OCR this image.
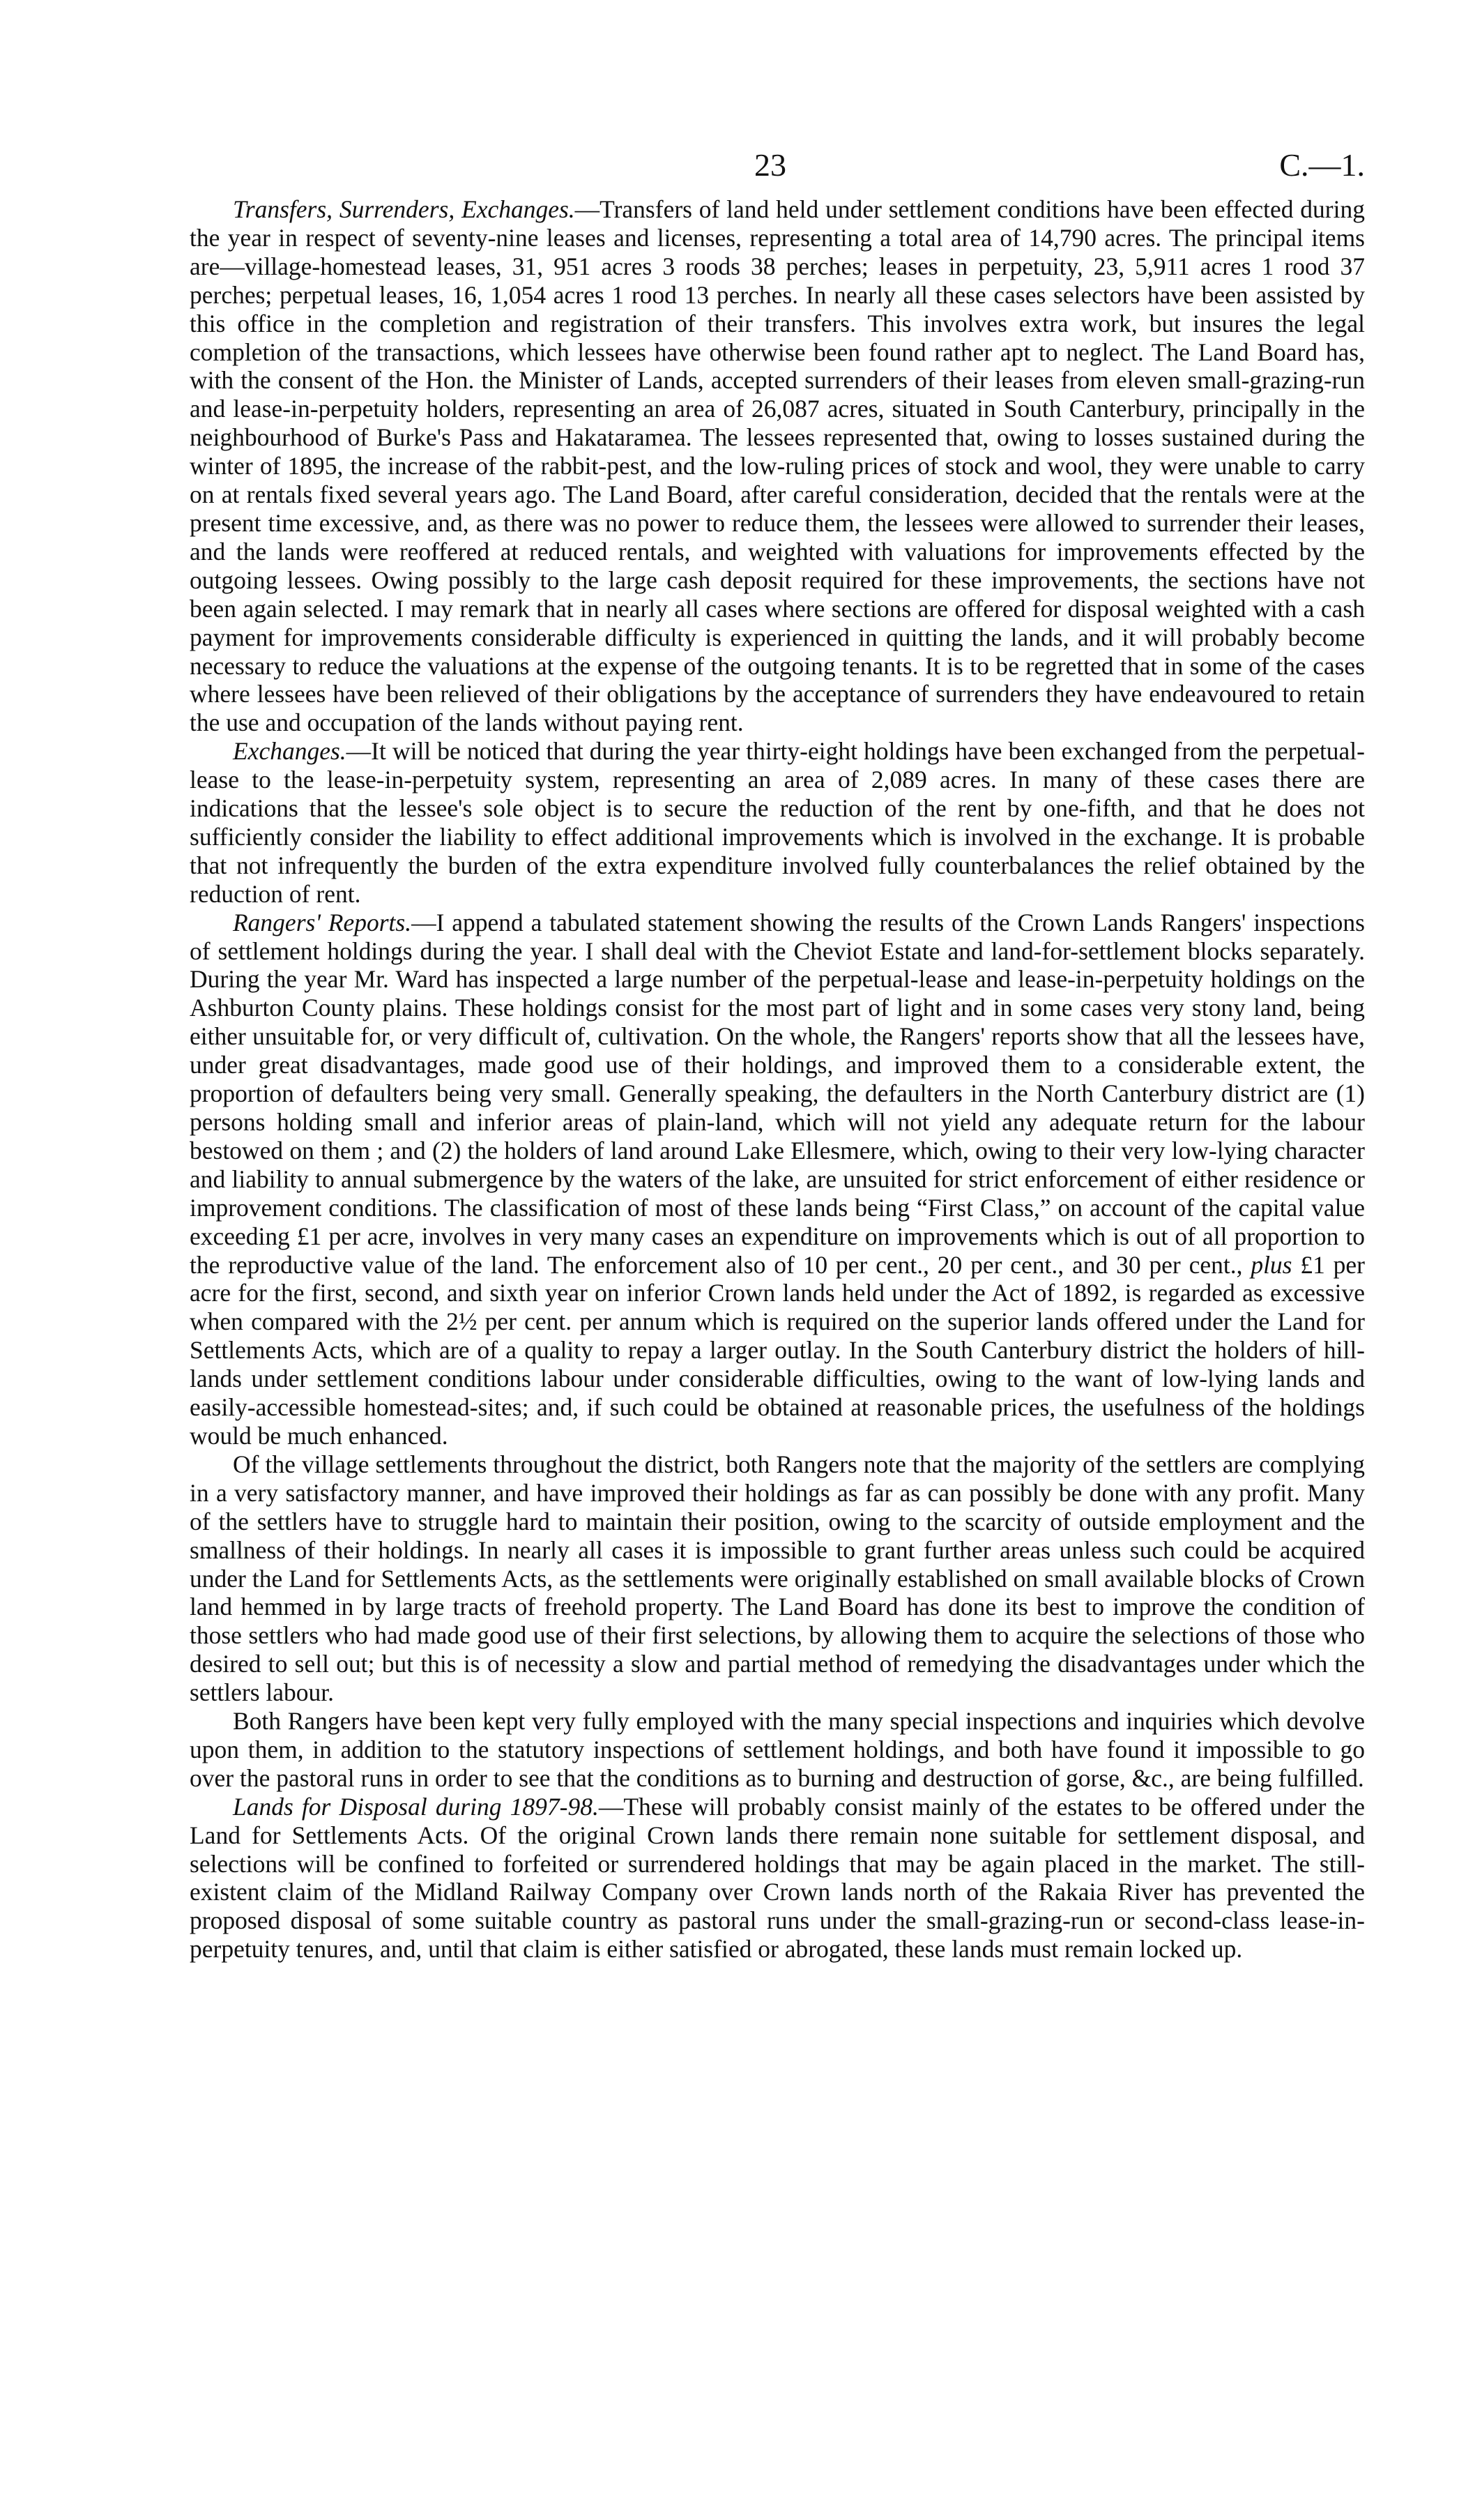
23	C.—1.

Transfers, Surrenders, Exchanges.—Transfers of land held under settlement conditions have been effected during the year in respect of seventy-nine leases and licenses, representing a total area of 14,790 acres. The principal items are—village-homestead leases, 31, 951 acres 3 roods 38 perches; leases in perpetuity, 23, 5,911 acres 1 rood 37 perches; perpetual leases, 16, 1,054 acres 1 rood 13 perches. In nearly all these cases selectors have been assisted by this office in the completion and registration of their transfers. This involves extra work, but insures the legal completion of the transactions, which lessees have otherwise been found rather apt to neglect. The Land Board has, with the consent of the Hon. the Minister of Lands, accepted surrenders of their leases from eleven small-grazing-run and lease-in-perpetuity holders, representing an area of 26,087 acres, situated in South Canterbury, principally in the neighbourhood of Burke's Pass and Hakataramea. The lessees represented that, owing to losses sustained during the winter of 1895, the increase of the rabbit-pest, and the low-ruling prices of stock and wool, they were unable to carry on at rentals fixed several years ago. The Land Board, after careful consideration, decided that the rentals were at the present time excessive, and, as there was no power to reduce them, the lessees were allowed to surrender their leases, and the lands were reoffered at reduced rentals, and weighted with valuations for improvements effected by the outgoing lessees. Owing possibly to the large cash deposit required for these improvements, the sections have not been again selected. I may remark that in nearly all cases where sections are offered for disposal weighted with a cash payment for improvements considerable difficulty is experienced in quitting the lands, and it will probably become necessary to reduce the valuations at the expense of the outgoing tenants. It is to be regretted that in some of the cases where lessees have been relieved of their obligations by the acceptance of surrenders they have endeavoured to retain the use and occupation of the lands without paying rent.

Exchanges.—It will be noticed that during the year thirty-eight holdings have been exchanged from the perpetual-lease to the lease-in-perpetuity system, representing an area of 2,089 acres. In many of these cases there are indications that the lessee's sole object is to secure the reduction of the rent by one-fifth, and that he does not sufficiently consider the liability to effect additional improvements which is involved in the exchange. It is probable that not infrequently the burden of the extra expenditure involved fully counterbalances the relief obtained by the reduction of rent.

Rangers' Reports.—I append a tabulated statement showing the results of the Crown Lands Rangers' inspections of settlement holdings during the year. I shall deal with the Cheviot Estate and land-for-settlement blocks separately. During the year Mr. Ward has inspected a large number of the perpetual-lease and lease-in-perpetuity holdings on the Ashburton County plains. These holdings consist for the most part of light and in some cases very stony land, being either unsuitable for, or very difficult of, cultivation. On the whole, the Rangers' reports show that all the lessees have, under great disadvantages, made good use of their holdings, and improved them to a considerable extent, the proportion of defaulters being very small. Generally speaking, the defaulters in the North Canterbury district are (1) persons holding small and inferior areas of plain-land, which will not yield any adequate return for the labour bestowed on them ; and (2) the holders of land around Lake Ellesmere, which, owing to their very low-lying character and liability to annual submergence by the waters of the lake, are unsuited for strict enforcement of either residence or improvement conditions. The classification of most of these lands being “First Class,” on account of the capital value exceeding £1 per acre, involves in very many cases an expenditure on improvements which is out of all proportion to the reproductive value of the land. The enforcement also of 10 per cent., 20 per cent., and 30 per cent., plus £1 per acre for the first, second, and sixth year on inferior Crown lands held under the Act of 1892, is regarded as excessive when compared with the 2½ per cent. per annum which is required on the superior lands offered under the Land for Settlements Acts, which are of a quality to repay a larger outlay. In the South Canterbury district the holders of hill-lands under settlement conditions labour under considerable difficulties, owing to the want of low-lying lands and easily-accessible homestead-sites; and, if such could be obtained at reasonable prices, the usefulness of the holdings would be much enhanced.

Of the village settlements throughout the district, both Rangers note that the majority of the settlers are complying in a very satisfactory manner, and have improved their holdings as far as can possibly be done with any profit. Many of the settlers have to struggle hard to maintain their position, owing to the scarcity of outside employment and the smallness of their holdings. In nearly all cases it is impossible to grant further areas unless such could be acquired under the Land for Settlements Acts, as the settlements were originally established on small available blocks of Crown land hemmed in by large tracts of freehold property. The Land Board has done its best to improve the condition of those settlers who had made good use of their first selections, by allowing them to acquire the selections of those who desired to sell out; but this is of necessity a slow and partial method of remedying the disadvantages under which the settlers labour.

Both Rangers have been kept very fully employed with the many special inspections and inquiries which devolve upon them, in addition to the statutory inspections of settlement holdings, and both have found it impossible to go over the pastoral runs in order to see that the conditions as to burning and destruction of gorse, &c., are being fulfilled.

Lands for Disposal during 1897-98.—These will probably consist mainly of the estates to be offered under the Land for Settlements Acts. Of the original Crown lands there remain none suitable for settlement disposal, and selections will be confined to forfeited or surrendered holdings that may be again placed in the market. The still-existent claim of the Midland Railway Company over Crown lands north of the Rakaia River has prevented the proposed disposal of some suitable country as pastoral runs under the small-grazing-run or second-class lease-in-perpetuity tenures, and, until that claim is either satisfied or abrogated, these lands must remain locked up.
